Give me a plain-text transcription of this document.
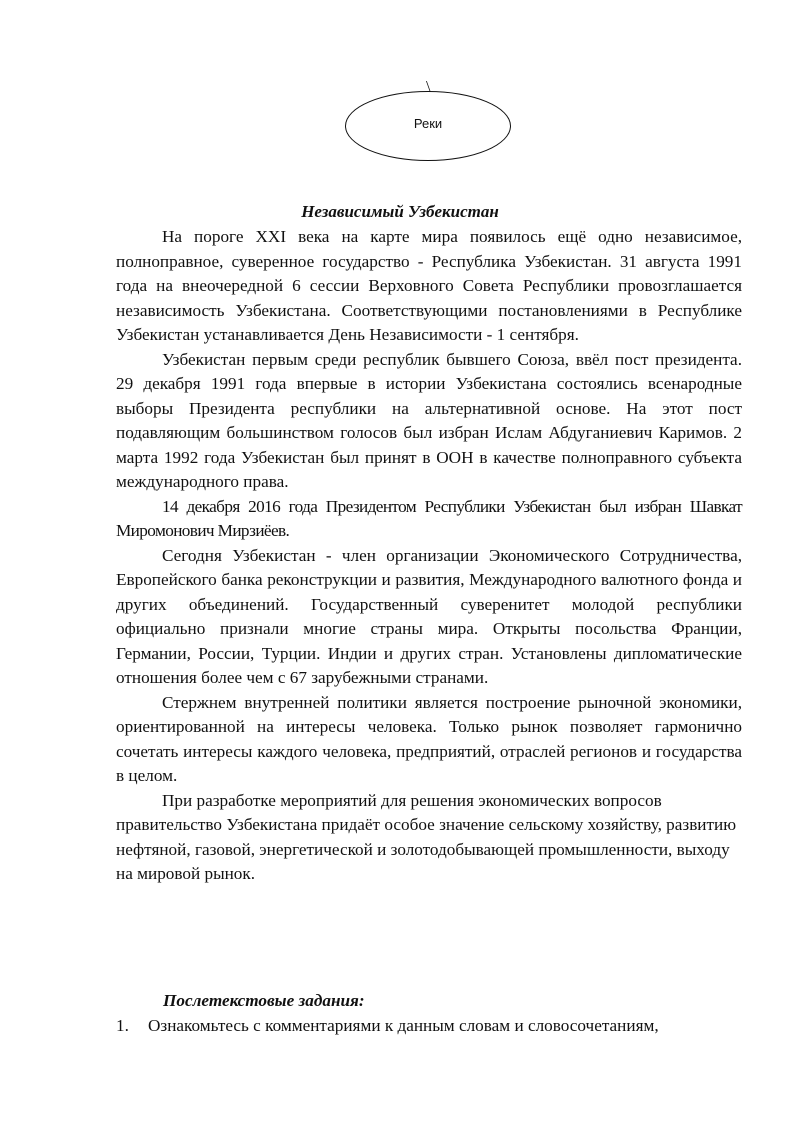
\
Реки
Независимый Узбекистан

На пороге XXI века на карте мира появилось ещё одно независимое, полноправное, суверенное государство - Республика Узбекистан. 31 августа 1991 года на внеочередной 6 сессии Верховного Совета Республики провозглашается независимость Узбекистана. Соответствующими постановлениями в Республике Узбекистан устанавливается День Независимости - 1 сентября.

Узбекистан первым среди республик бывшего Союза, ввёл пост президента. 29 декабря 1991 года впервые в истории Узбекистана состоялись всенародные выборы Президента республики на альтернативной основе. На этот пост подавляющим большинством голосов был избран Ислам Абдуганиевич Каримов. 2 марта 1992 года Узбекистан был принят в ООН в качестве полноправного субъекта международного права.

14 декабря 2016 года Президентом Республики Узбекистан был избран Шавкат Миромонович Мирзиёев.

Сегодня Узбекистан - член организации Экономического Сотрудничества, Европейского банка реконструкции и развития, Международного валютного фонда и других объединений. Государственный суверенитет молодой республики официально признали многие страны мира. Открыты посольства Франции, Германии, России, Турции. Индии и других стран. Установлены дипломатические отношения более чем с 67 зарубежными странами.

Стержнем внутренней политики является построение рыночной экономики, ориентированной на интересы человека. Только рынок позволяет гармонично сочетать интересы каждого человека, предприятий, отраслей регионов и государства в целом.

При разработке мероприятий для решения экономических вопросов правительство Узбекистана придаёт особое значение сельскому хозяйству, развитию нефтяной, газовой, энергетической и золотодобывающей промышленности, выходу на мировой рынок.

Послетекстовые задания:
1. Ознакомьтесь с комментариями к данным словам и словосочетаниям,
